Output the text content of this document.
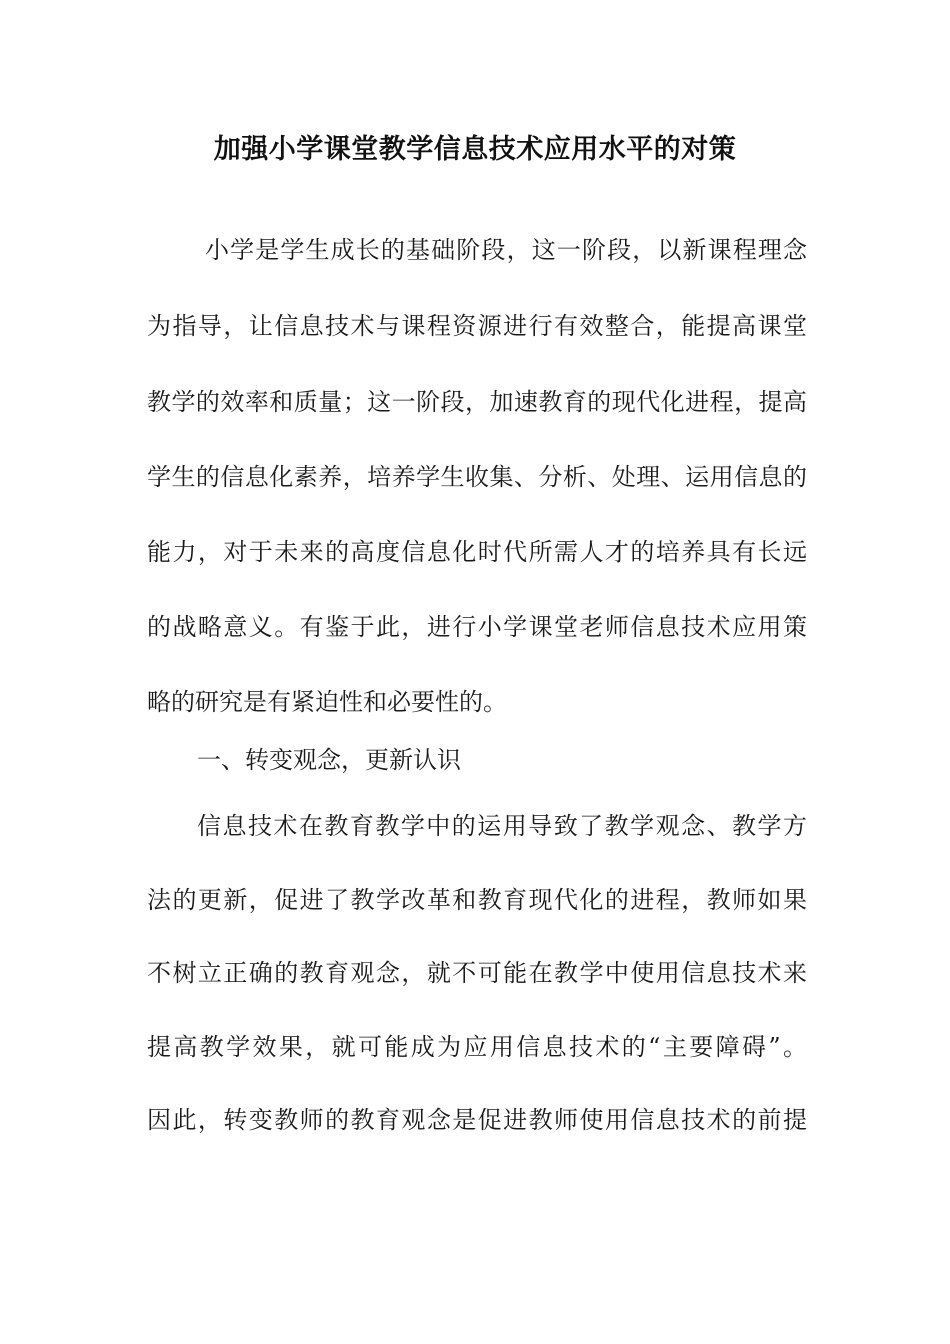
加强小学课堂教学信息技术应用水平的对策
小学是学生成长的基础阶段，这一阶段，以新课程理念
为指导，让信息技术与课程资源进行有效整合，能提高课堂
教学的效率和质量；这一阶段，加速教育的现代化进程，提高
学生的信息化素养，培养学生收集、分析、处理、运用信息的
能力，对于未来的高度信息化时代所需人才的培养具有长远
的战略意义。有鉴于此，进行小学课堂老师信息技术应用策
略的研究是有紧迫性和必要性的。
一、转变观念，更新认识
信息技术在教育教学中的运用导致了教学观念、教学方
法的更新，促进了教学改革和教育现代化的进程，教师如果
不树立正确的教育观念，就不可能在教学中使用信息技术来
提高教学效果，就可能成为应用信息技术的“主要障碍”。
因此，转变教师的教育观念是促进教师使用信息技术的前提
